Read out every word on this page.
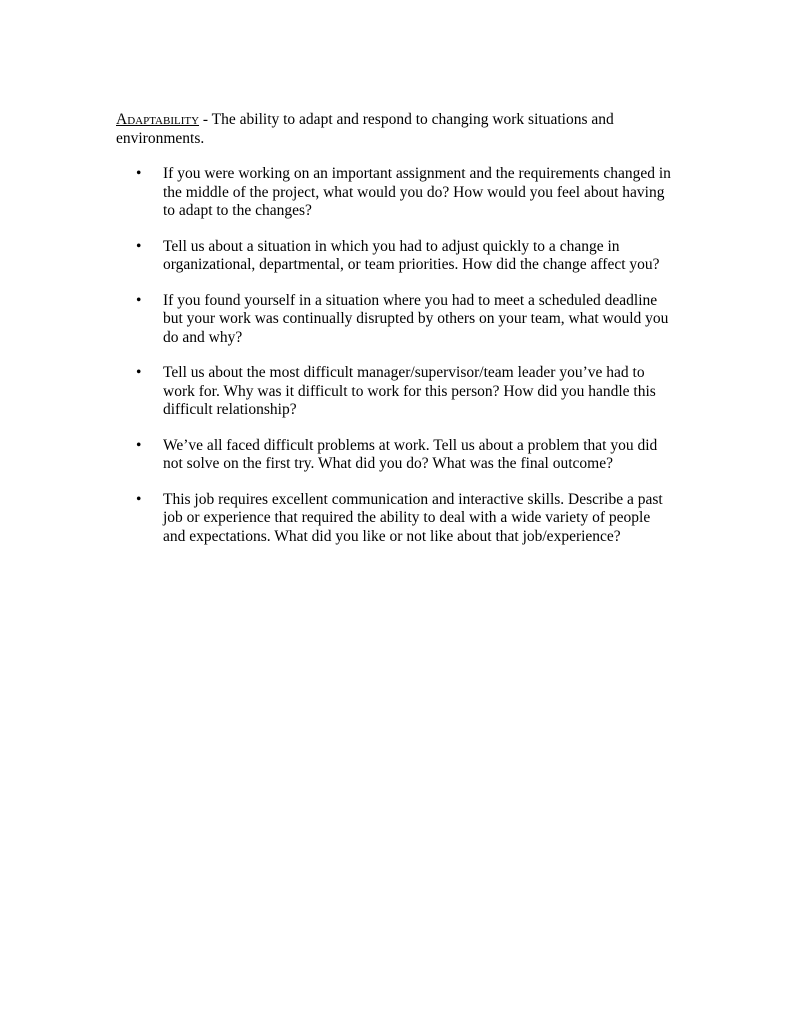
Adaptability - The ability to adapt and respond to changing work situations and environments.
• If you were working on an important assignment and the requirements changed in the middle of the project, what would you do? How would you feel about having to adapt to the changes?
• Tell us about a situation in which you had to adjust quickly to a change in organizational, departmental, or team priorities. How did the change affect you?
• If you found yourself in a situation where you had to meet a scheduled deadline but your work was continually disrupted by others on your team, what would you do and why?
• Tell us about the most difficult manager/supervisor/team leader you’ve had to work for. Why was it difficult to work for this person? How did you handle this difficult relationship?
• We’ve all faced difficult problems at work. Tell us about a problem that you did not solve on the first try. What did you do? What was the final outcome?
• This job requires excellent communication and interactive skills. Describe a past job or experience that required the ability to deal with a wide variety of people and expectations. What did you like or not like about that job/experience?
